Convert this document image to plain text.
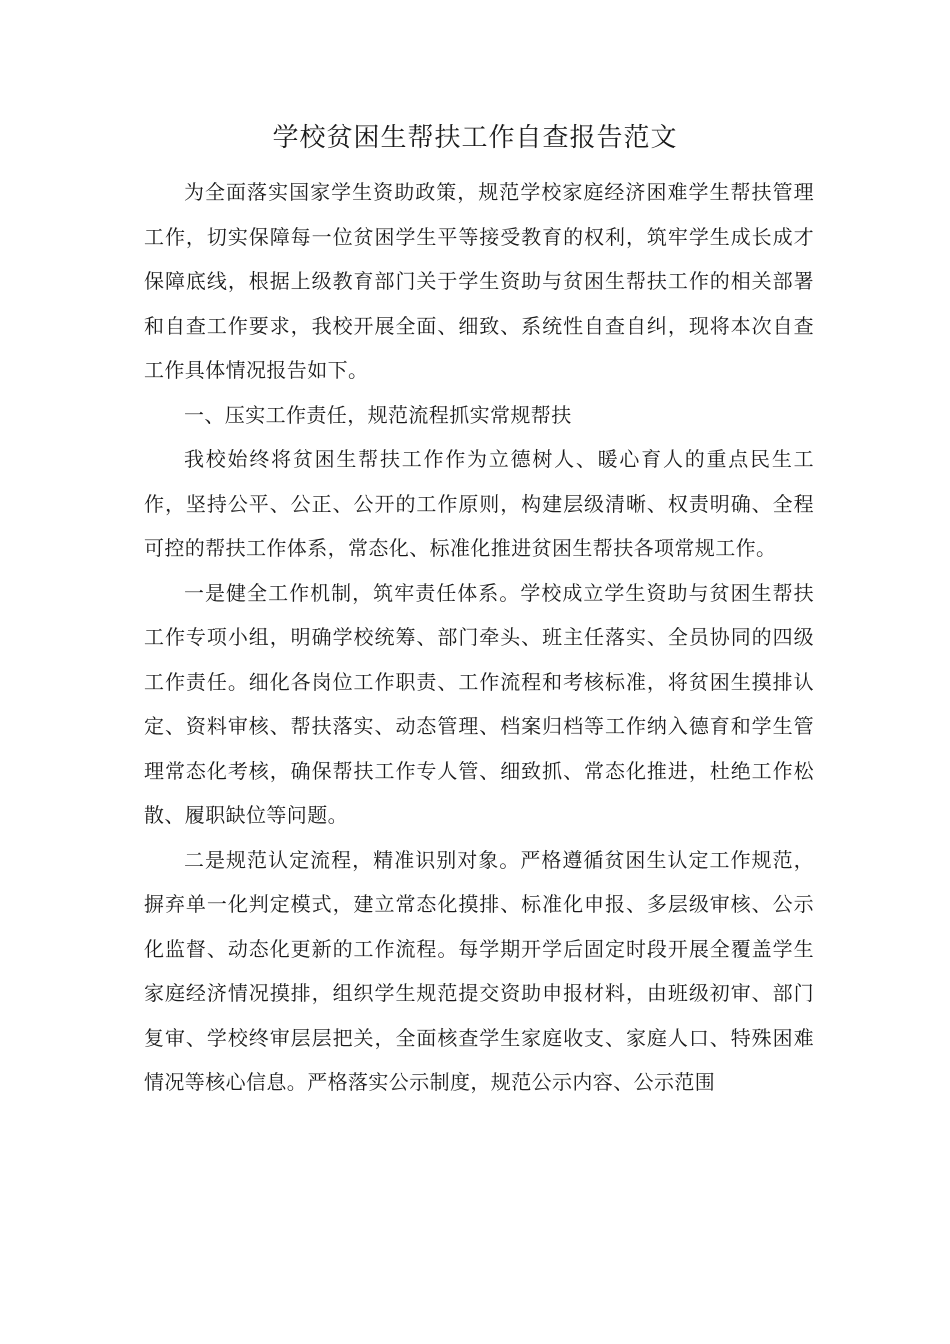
学校贫困生帮扶工作自查报告范文

为全面落实国家学生资助政策，规范学校家庭经济困难学生帮扶管理工作，切实保障每一位贫困学生平等接受教育的权利，筑牢学生成长成才保障底线，根据上级教育部门关于学生资助与贫困生帮扶工作的相关部署和自查工作要求，我校开展全面、细致、系统性自查自纠，现将本次自查工作具体情况报告如下。

一、压实工作责任，规范流程抓实常规帮扶

我校始终将贫困生帮扶工作作为立德树人、暖心育人的重点民生工作，坚持公平、公正、公开的工作原则，构建层级清晰、权责明确、全程可控的帮扶工作体系，常态化、标准化推进贫困生帮扶各项常规工作。

一是健全工作机制，筑牢责任体系。学校成立学生资助与贫困生帮扶工作专项小组，明确学校统筹、部门牵头、班主任落实、全员协同的四级工作责任。细化各岗位工作职责、工作流程和考核标准，将贫困生摸排认定、资料审核、帮扶落实、动态管理、档案归档等工作纳入德育和学生管理常态化考核，确保帮扶工作专人管、细致抓、常态化推进，杜绝工作松散、履职缺位等问题。

二是规范认定流程，精准识别对象。严格遵循贫困生认定工作规范，摒弃单一化判定模式，建立常态化摸排、标准化申报、多层级审核、公示化监督、动态化更新的工作流程。每学期开学后固定时段开展全覆盖学生家庭经济情况摸排，组织学生规范提交资助申报材料，由班级初审、部门复审、学校终审层层把关，全面核查学生家庭收支、家庭人口、特殊困难情况等核心信息。严格落实公示制度，规范公示内容、公示范围
